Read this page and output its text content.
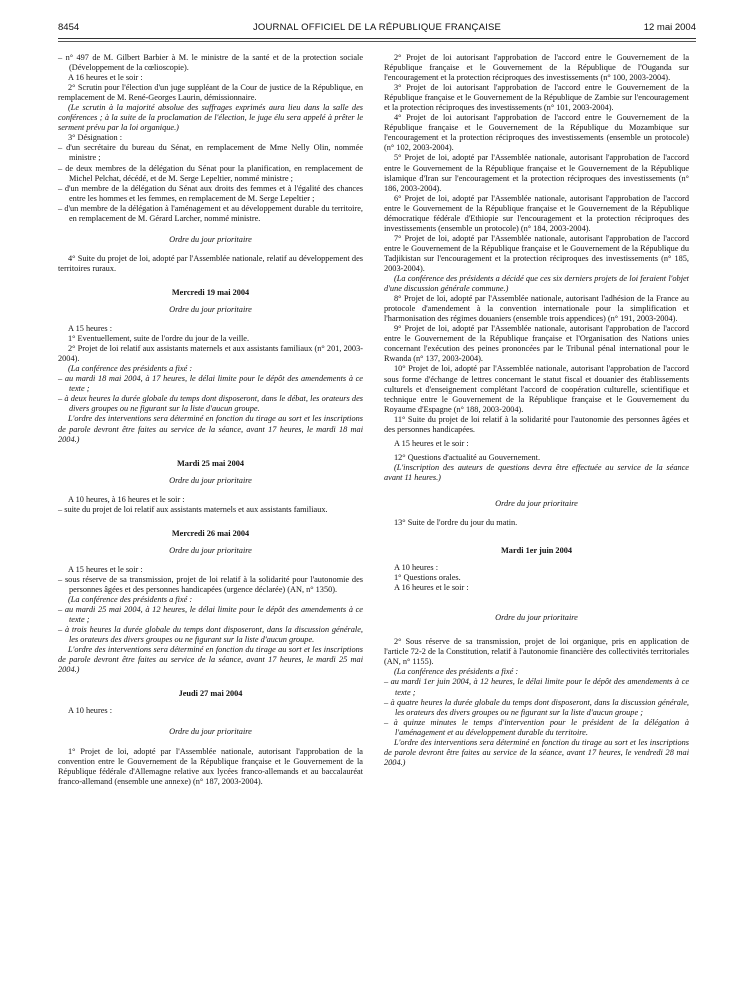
8454	JOURNAL OFFICIEL DE LA RÉPUBLIQUE FRANÇAISE	12 mai 2004

– n° 497 de M. Gilbert Barbier à M. le ministre de la santé et de la protection sociale (Développement de la cœlioscopie).

A 16 heures et le soir :

2° Scrutin pour l'élection d'un juge suppléant de la Cour de justice de la République, en remplacement de M. René-Georges Laurin, démissionnaire.

(Le scrutin à la majorité absolue des suffrages exprimés aura lieu dans la salle des conférences ; à la suite de la proclamation de l'élection, le juge élu sera appelé à prêter le serment prévu par la loi organique.)

3° Désignation :

– d'un secrétaire du bureau du Sénat, en remplacement de Mme Nelly Olin, nommée ministre ;

– de deux membres de la délégation du Sénat pour la planification, en remplacement de Michel Pelchat, décédé, et de M. Serge Lepeltier, nommé ministre ;

– d'un membre de la délégation du Sénat aux droits des femmes et à l'égalité des chances entre les hommes et les femmes, en remplacement de M. Serge Lepeltier ;

– d'un membre de la délégation à l'aménagement et au développement durable du territoire, en remplacement de M. Gérard Larcher, nommé ministre.

Ordre du jour prioritaire

4° Suite du projet de loi, adopté par l'Assemblée nationale, relatif au développement des territoires ruraux.

Mercredi 19 mai 2004

Ordre du jour prioritaire

A 15 heures :

1° Eventuellement, suite de l'ordre du jour de la veille.

2° Projet de loi relatif aux assistants maternels et aux assistants familiaux (n° 201, 2003-2004).

(La conférence des présidents a fixé :

– au mardi 18 mai 2004, à 17 heures, le délai limite pour le dépôt des amendements à ce texte ;

– à deux heures la durée globale du temps dont disposeront, dans le débat, les orateurs des divers groupes ou ne figurant sur la liste d'aucun groupe.

L'ordre des interventions sera déterminé en fonction du tirage au sort et les inscriptions de parole devront être faites au service de la séance, avant 17 heures, le mardi 18 mai 2004.)

Mardi 25 mai 2004

Ordre du jour prioritaire

A 10 heures, à 16 heures et le soir :

– suite du projet de loi relatif aux assistants maternels et aux assistants familiaux.

Mercredi 26 mai 2004

Ordre du jour prioritaire

A 15 heures et le soir :

– sous réserve de sa transmission, projet de loi relatif à la solidarité pour l'autonomie des personnes âgées et des personnes handicapées (urgence déclarée) (AN, n° 1350).

(La conférence des présidents a fixé :

– au mardi 25 mai 2004, à 12 heures, le délai limite pour le dépôt des amendements à ce texte ;

– à trois heures la durée globale du temps dont disposeront, dans la discussion générale, les orateurs des divers groupes ou ne figurant sur la liste d'aucun groupe.

L'ordre des interventions sera déterminé en fonction du tirage au sort et les inscriptions de parole devront être faites au service de la séance, avant 17 heures, le mardi 25 mai 2004.)

Jeudi 27 mai 2004

A 10 heures :

Ordre du jour prioritaire

1° Projet de loi, adopté par l'Assemblée nationale, autorisant l'approbation de la convention entre le Gouvernement de la République française et le Gouvernement de la République fédérale d'Allemagne relative aux lycées franco-allemands et au baccalauréat franco-allemand (ensemble une annexe) (n° 187, 2003-2004).

2° Projet de loi autorisant l'approbation de l'accord entre le Gouvernement de la République française et le Gouvernement de la République de l'Ouganda sur l'encouragement et la protection réciproques des investissements (n° 100, 2003-2004).

3° Projet de loi autorisant l'approbation de l'accord entre le Gouvernement de la République française et le Gouvernement de la République de Zambie sur l'encouragement et la protection réciproques des investissements (n° 101, 2003-2004).

4° Projet de loi autorisant l'approbation de l'accord entre le Gouvernement de la République française et le Gouvernement de la République du Mozambique sur l'encouragement et la protection réciproques des investissements (ensemble un protocole) (n° 102, 2003-2004).

5° Projet de loi, adopté par l'Assemblée nationale, autorisant l'approbation de l'accord entre le Gouvernement de la République française et le Gouvernement de la République islamique d'Iran sur l'encouragement et la protection réciproques des investissements (n° 186, 2003-2004).

6° Projet de loi, adopté par l'Assemblée nationale, autorisant l'approbation de l'accord entre le Gouvernement de la République française et le Gouvernement de la République démocratique fédérale d'Ethiopie sur l'encouragement et la protection réciproques des investissements (ensemble un protocole) (n° 184, 2003-2004).

7° Projet de loi, adopté par l'Assemblée nationale, autorisant l'approbation de l'accord entre le Gouvernement de la République française et le Gouvernement de la République du Tadjikistan sur l'encouragement et la protection réciproques des investissements (n° 185, 2003-2004).

(La conférence des présidents a décidé que ces six derniers projets de loi feraient l'objet d'une discussion générale commune.)

8° Projet de loi, adopté par l'Assemblée nationale, autorisant l'adhésion de la France au protocole d'amendement à la convention internationale pour la simplification et l'harmonisation des régimes douaniers (ensemble trois appendices) (n° 191, 2003-2004).

9° Projet de loi, adopté par l'Assemblée nationale, autorisant l'approbation de l'accord entre le Gouvernement de la République française et l'Organisation des Nations unies concernant l'exécution des peines prononcées par le Tribunal pénal international pour le Rwanda (n° 137, 2003-2004).

10° Projet de loi, adopté par l'Assemblée nationale, autorisant l'approbation de l'accord sous forme d'échange de lettres concernant le statut fiscal et douanier des établissements culturels et d'enseignement complétant l'accord de coopération culturelle, scientifique et technique entre le Gouvernement de la République française et le Gouvernement du Royaume d'Espagne (n° 188, 2003-2004).

11° Suite du projet de loi relatif à la solidarité pour l'autonomie des personnes âgées et des personnes handicapées.

A 15 heures et le soir :

12° Questions d'actualité au Gouvernement.

(L'inscription des auteurs de questions devra être effectuée au service de la séance avant 11 heures.)

Ordre du jour prioritaire

13° Suite de l'ordre du jour du matin.

Mardi 1er juin 2004

A 10 heures :

1° Questions orales.

A 16 heures et le soir :

Ordre du jour prioritaire

2° Sous réserve de sa transmission, projet de loi organique, pris en application de l'article 72-2 de la Constitution, relatif à l'autonomie financière des collectivités territoriales (AN, n° 1155).

(La conférence des présidents a fixé :

– au mardi 1er juin 2004, à 12 heures, le délai limite pour le dépôt des amendements à ce texte ;

– à quatre heures la durée globale du temps dont disposeront, dans la discussion générale, les orateurs des divers groupes ou ne figurant sur la liste d'aucun groupe ;

– à quinze minutes le temps d'intervention pour le président de la délégation à l'aménagement et au développement durable du territoire.

L'ordre des interventions sera déterminé en fonction du tirage au sort et les inscriptions de parole devront être faites au service de la séance, avant 17 heures, le vendredi 28 mai 2004.)
